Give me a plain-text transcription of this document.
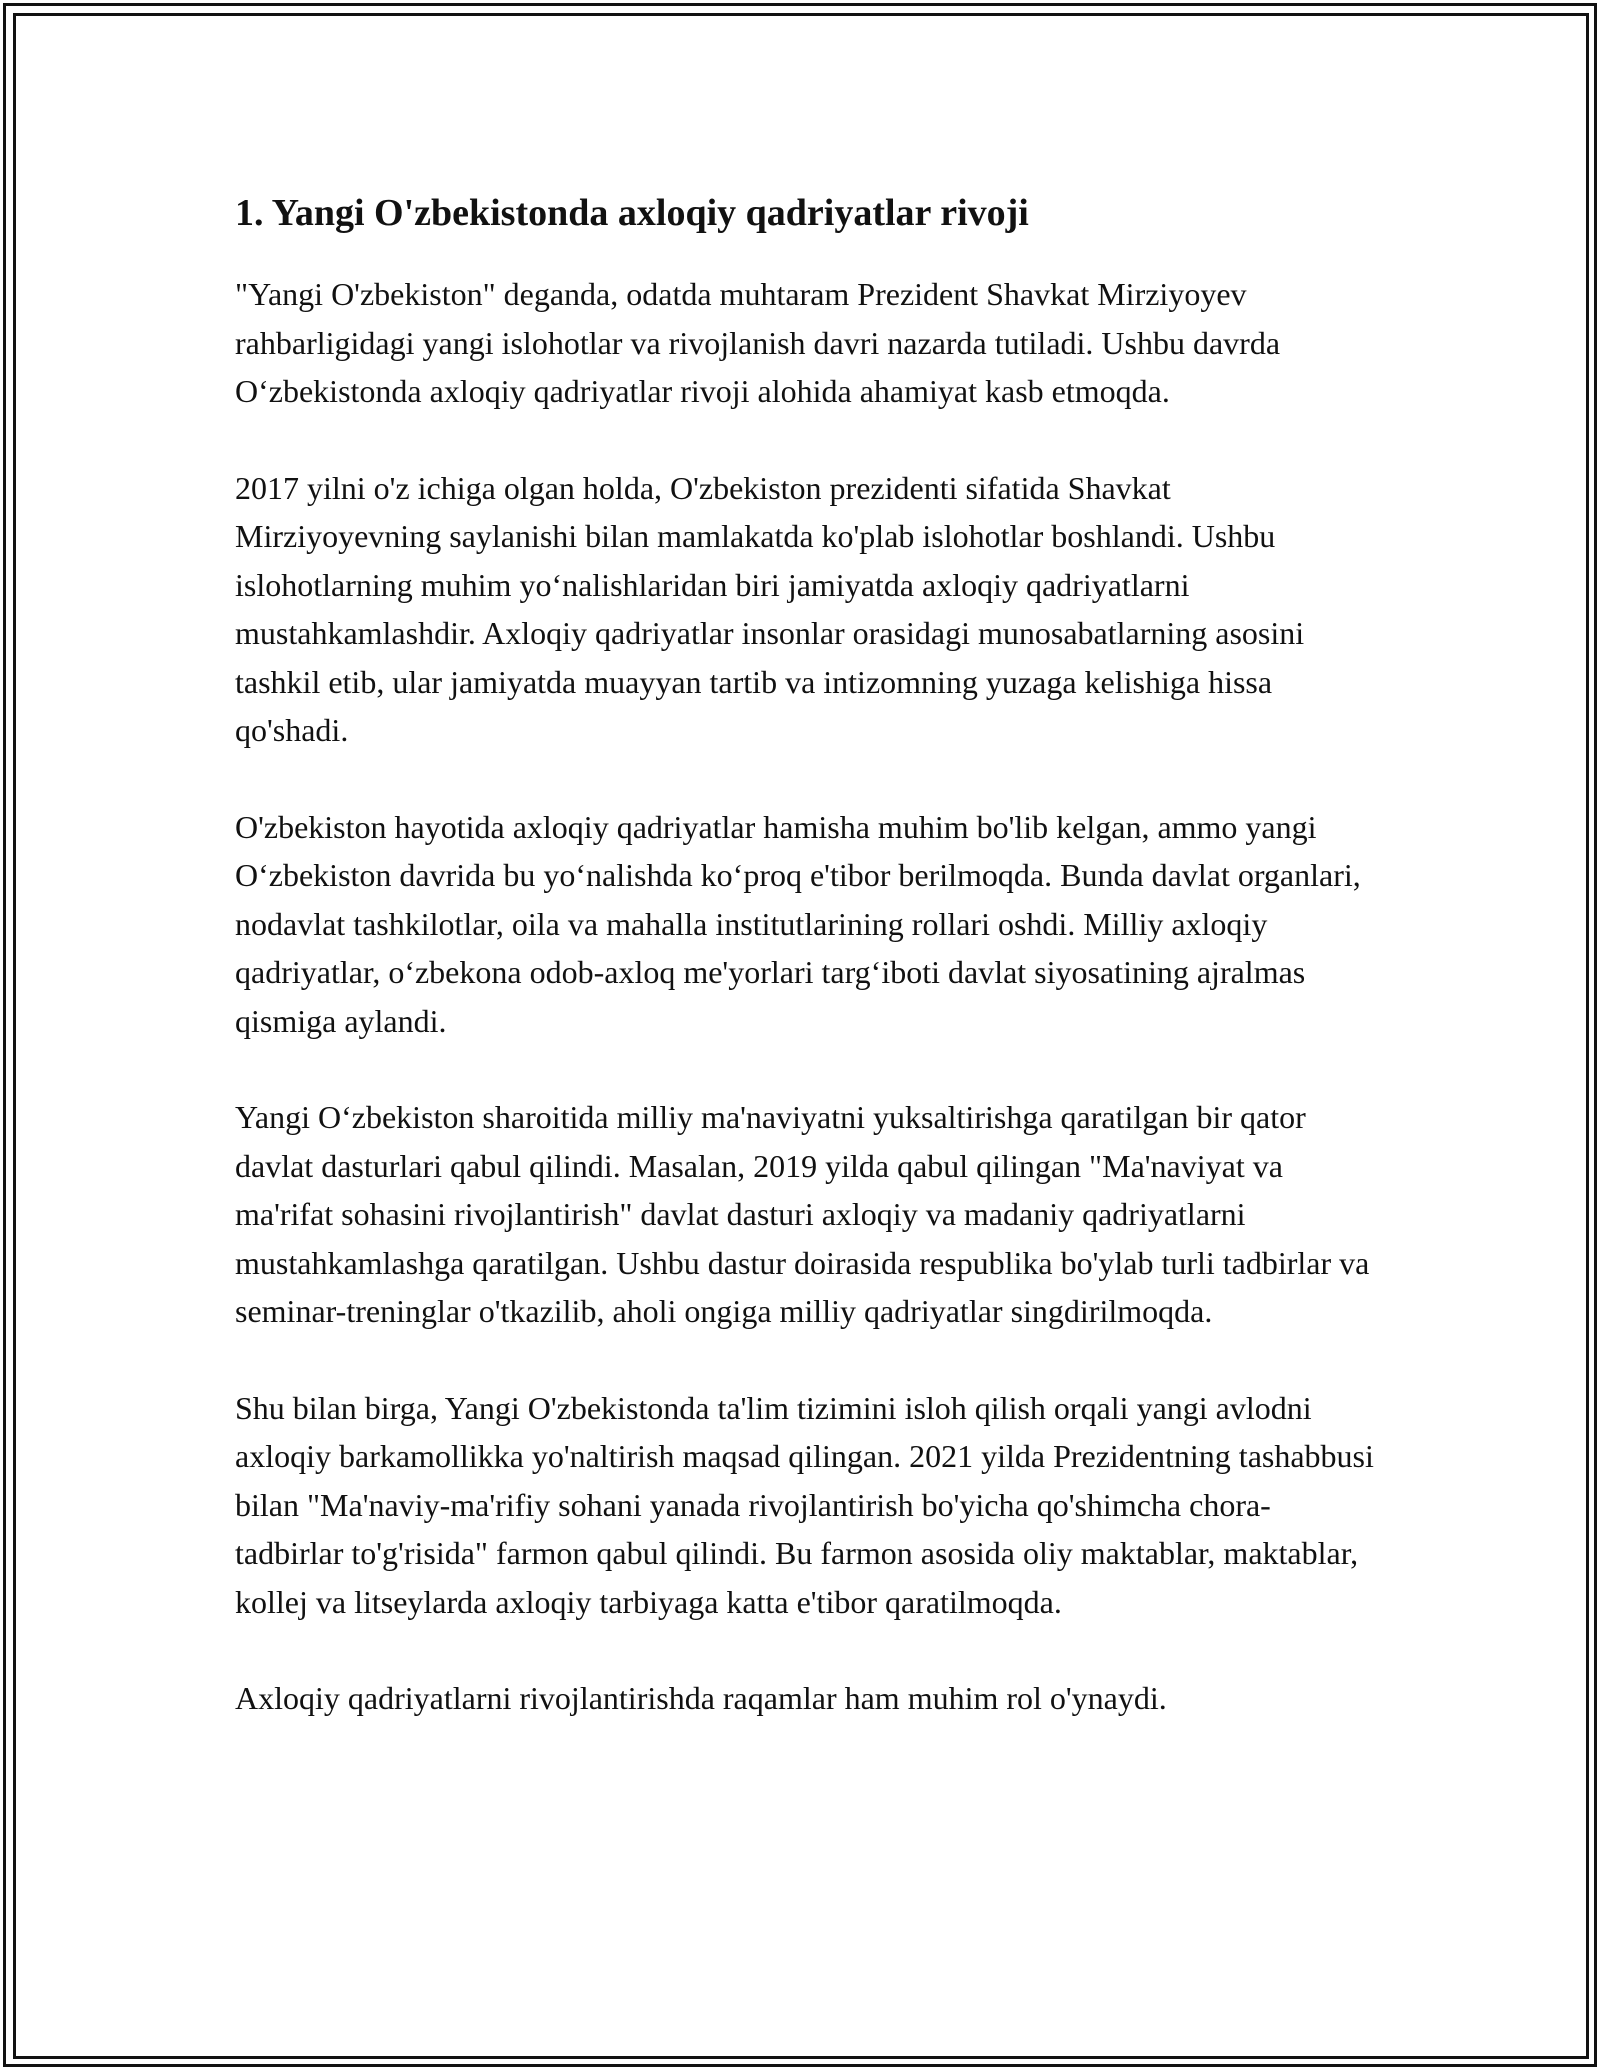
1. Yangi O'zbekistonda axloqiy qadriyatlar rivoji

"Yangi O'zbekiston" deganda, odatda muhtaram Prezident Shavkat Mirziyoyev rahbarligidagi yangi islohotlar va rivojlanish davri nazarda tutiladi. Ushbu davrda O‘zbekistonda axloqiy qadriyatlar rivoji alohida ahamiyat kasb etmoqda.

2017 yilni o'z ichiga olgan holda, O'zbekiston prezidenti sifatida Shavkat Mirziyoyevning saylanishi bilan mamlakatda ko'plab islohotlar boshlandi. Ushbu islohotlarning muhim yo‘nalishlaridan biri jamiyatda axloqiy qadriyatlarni mustahkamlashdir. Axloqiy qadriyatlar insonlar orasidagi munosabatlarning asosini tashkil etib, ular jamiyatda muayyan tartib va intizomning yuzaga kelishiga hissa qo'shadi.

O'zbekiston hayotida axloqiy qadriyatlar hamisha muhim bo'lib kelgan, ammo yangi O‘zbekiston davrida bu yo‘nalishda ko‘proq e'tibor berilmoqda. Bunda davlat organlari, nodavlat tashkilotlar, oila va mahalla institutlarining rollari oshdi. Milliy axloqiy qadriyatlar, o‘zbekona odob-axloq me'yorlari targ‘iboti davlat siyosatining ajralmas qismiga aylandi.

Yangi O‘zbekiston sharoitida milliy ma'naviyatni yuksaltirishga qaratilgan bir qator davlat dasturlari qabul qilindi. Masalan, 2019 yilda qabul qilingan "Ma'naviyat va ma'rifat sohasini rivojlantirish" davlat dasturi axloqiy va madaniy qadriyatlarni mustahkamlashga qaratilgan. Ushbu dastur doirasida respublika bo'ylab turli tadbirlar va seminar-treninglar o'tkazilib, aholi ongiga milliy qadriyatlar singdirilmoqda.

Shu bilan birga, Yangi O'zbekistonda ta'lim tizimini isloh qilish orqali yangi avlodni axloqiy barkamollikka yo'naltirish maqsad qilingan. 2021 yilda Prezidentning tashabbusi bilan "Ma'naviy-ma'rifiy sohani yanada rivojlantirish bo'yicha qo'shimcha chora-tadbirlar to'g'risida" farmon qabul qilindi. Bu farmon asosida oliy maktablar, maktablar, kollej va litseylarda axloqiy tarbiyaga katta e'tibor qaratilmoqda.

Axloqiy qadriyatlarni rivojlantirishda raqamlar ham muhim rol o'ynaydi.
